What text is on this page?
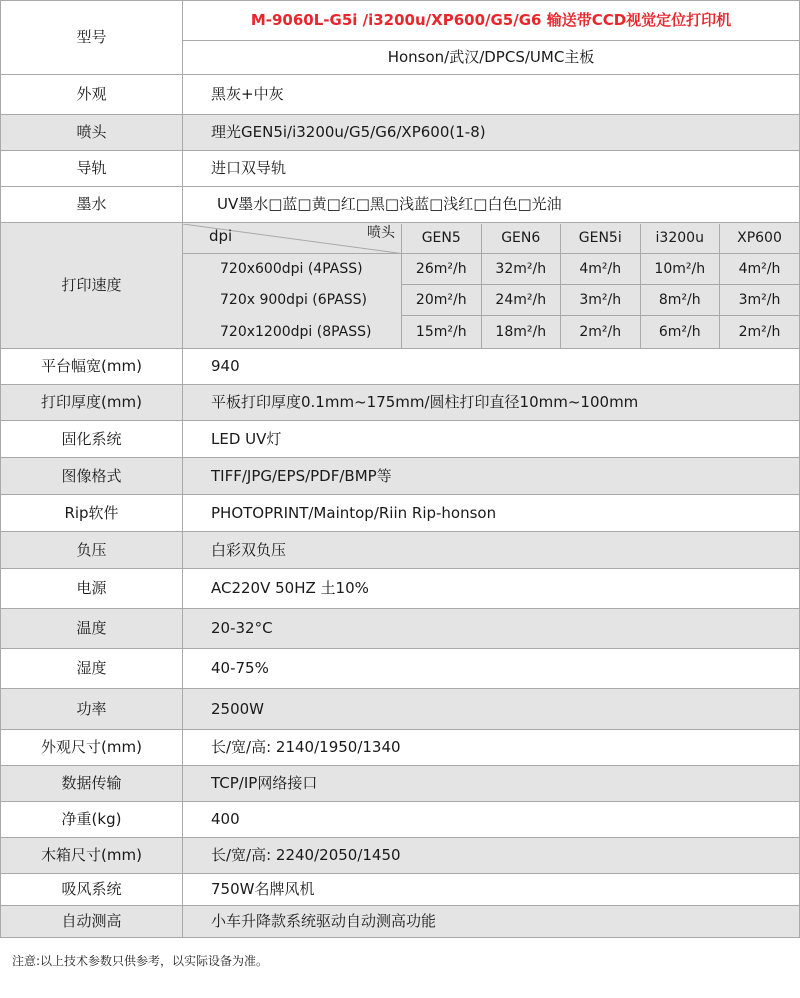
型号	M-9060L-G5i /i3200u/XP600/G5/G6 输送带CCD视觉定位打印机
Honson/武汉/DPCS/UMC主板
外观	黑灰+中灰
喷头	理光GEN5i/i3200u/G5/G6/XP600(1-8)
导轨	进口双导轨
墨水	UV墨水□蓝□黄□红□黑□浅蓝□浅红□白色□光油
打印速度	
dpi	喷头	GEN5	GEN6	GEN5i	i3200u	XP600
720x600dpi (4PASS)	26m²/h	32m²/h	4m²/h	10m²/h	4m²/h
720x 900dpi (6PASS)	20m²/h	24m²/h	3m²/h	8m²/h	3m²/h
720x1200dpi (8PASS)	15m²/h	18m²/h	2m²/h	6m²/h	2m²/h

平台幅宽(mm)	940
打印厚度(mm)	平板打印厚度0.1mm~175mm/圆柱打印直径10mm~100mm
固化系统	LED UV灯
图像格式	TIFF/JPG/EPS/PDF/BMP等
Rip软件	PHOTOPRINT/Maintop/Riin Rip-honson
负压	白彩双负压
电源	AC220V 50HZ 土10%
温度	20-32°C
湿度	40-75%
功率	2500W
外观尺寸(mm)	长/宽/高: 2140/1950/1340
数据传输	TCP/IP网络接口
净重(kg)	400
木箱尺寸(mm)	长/宽/高: 2240/2050/1450
吸风系统	750W名牌风机
自动测高	小车升降款系统驱动自动测高功能
注意:以上技术参数只供参考，以实际设备为准。
